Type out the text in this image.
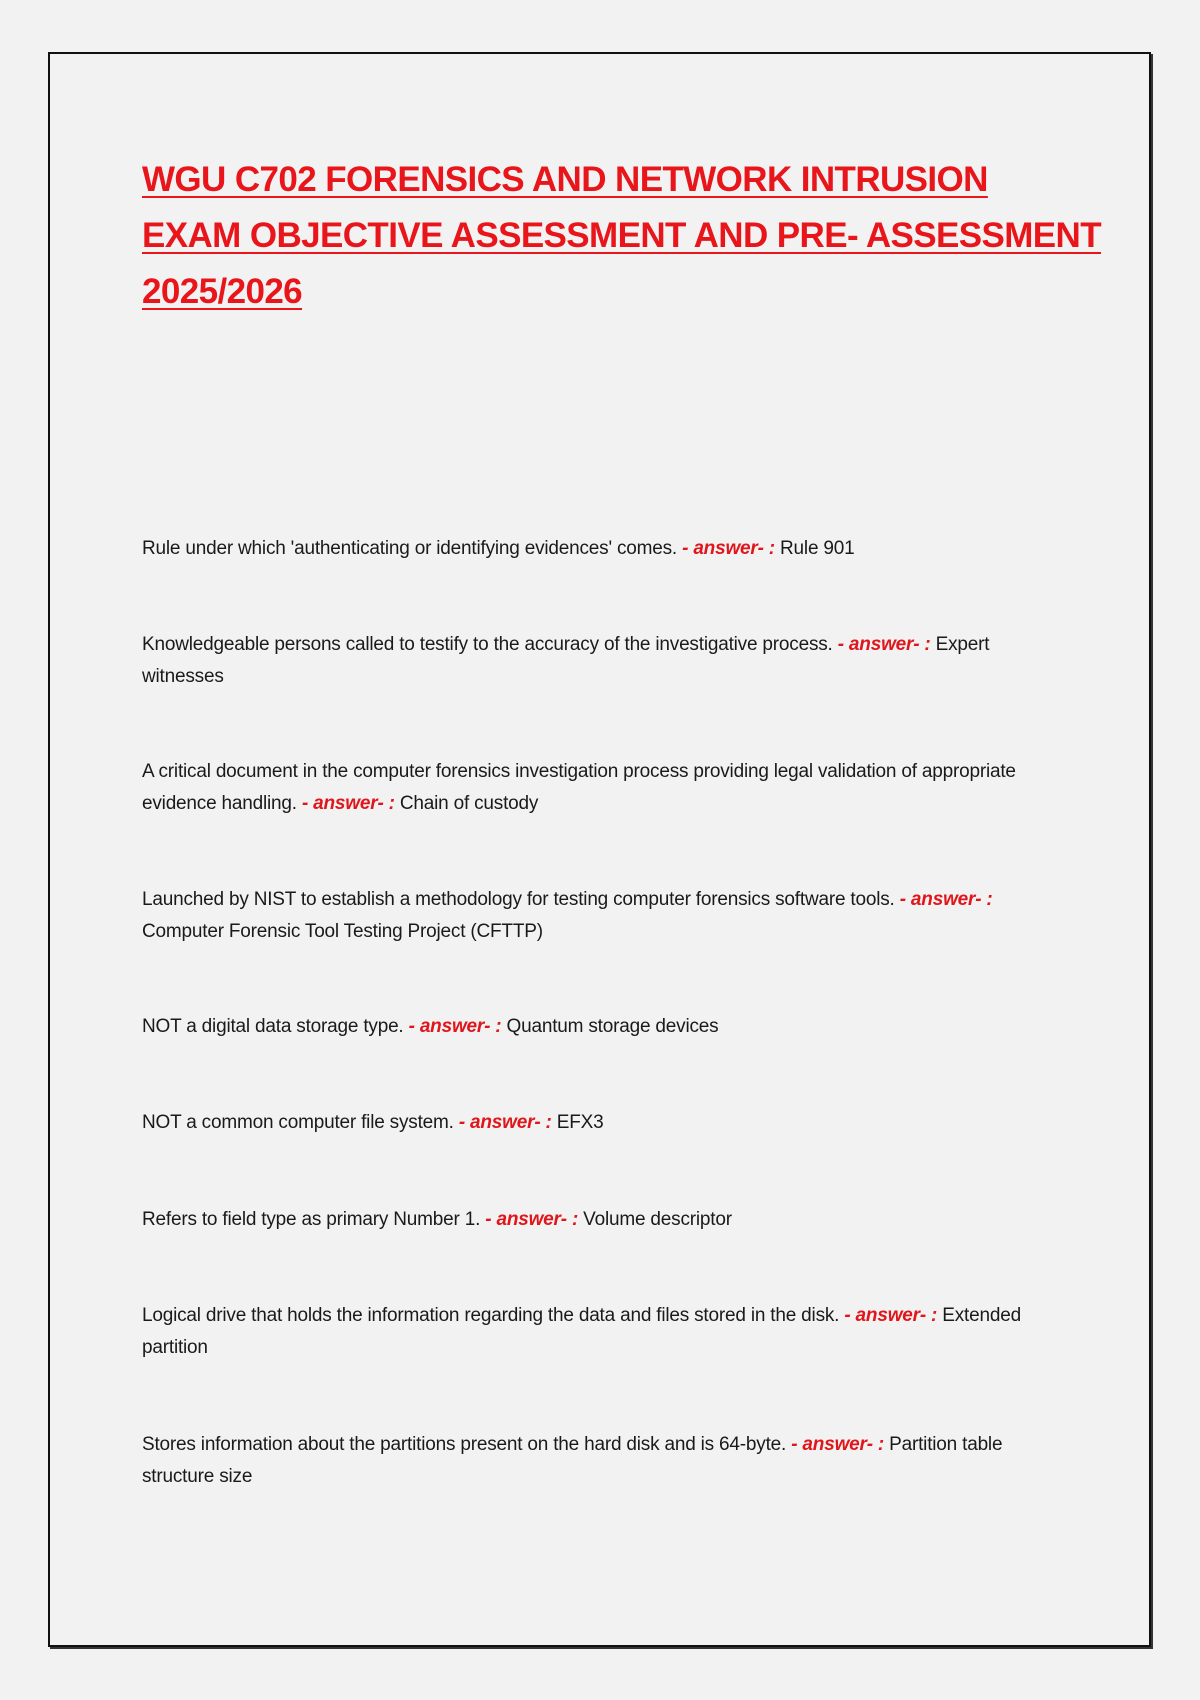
WGU C702 FORENSICS AND NETWORK INTRUSION
EXAM OBJECTIVE ASSESSMENT AND PRE- ASSESSMENT
2025/2026
Rule under which 'authenticating or identifying evidences' comes. - answer- : Rule 901
Knowledgeable persons called to testify to the accuracy of the investigative process. - answer- : Expert witnesses
A critical document in the computer forensics investigation process providing legal validation of appropriate evidence handling. - answer- : Chain of custody
Launched by NIST to establish a methodology for testing computer forensics software tools. - answer- : Computer Forensic Tool Testing Project (CFTTP)
NOT a digital data storage type. - answer- : Quantum storage devices
NOT a common computer file system. - answer- : EFX3
Refers to field type as primary Number 1. - answer- : Volume descriptor
Logical drive that holds the information regarding the data and files stored in the disk. - answer- : Extended partition
Stores information about the partitions present on the hard disk and is 64-byte. - answer- : Partition table structure size
